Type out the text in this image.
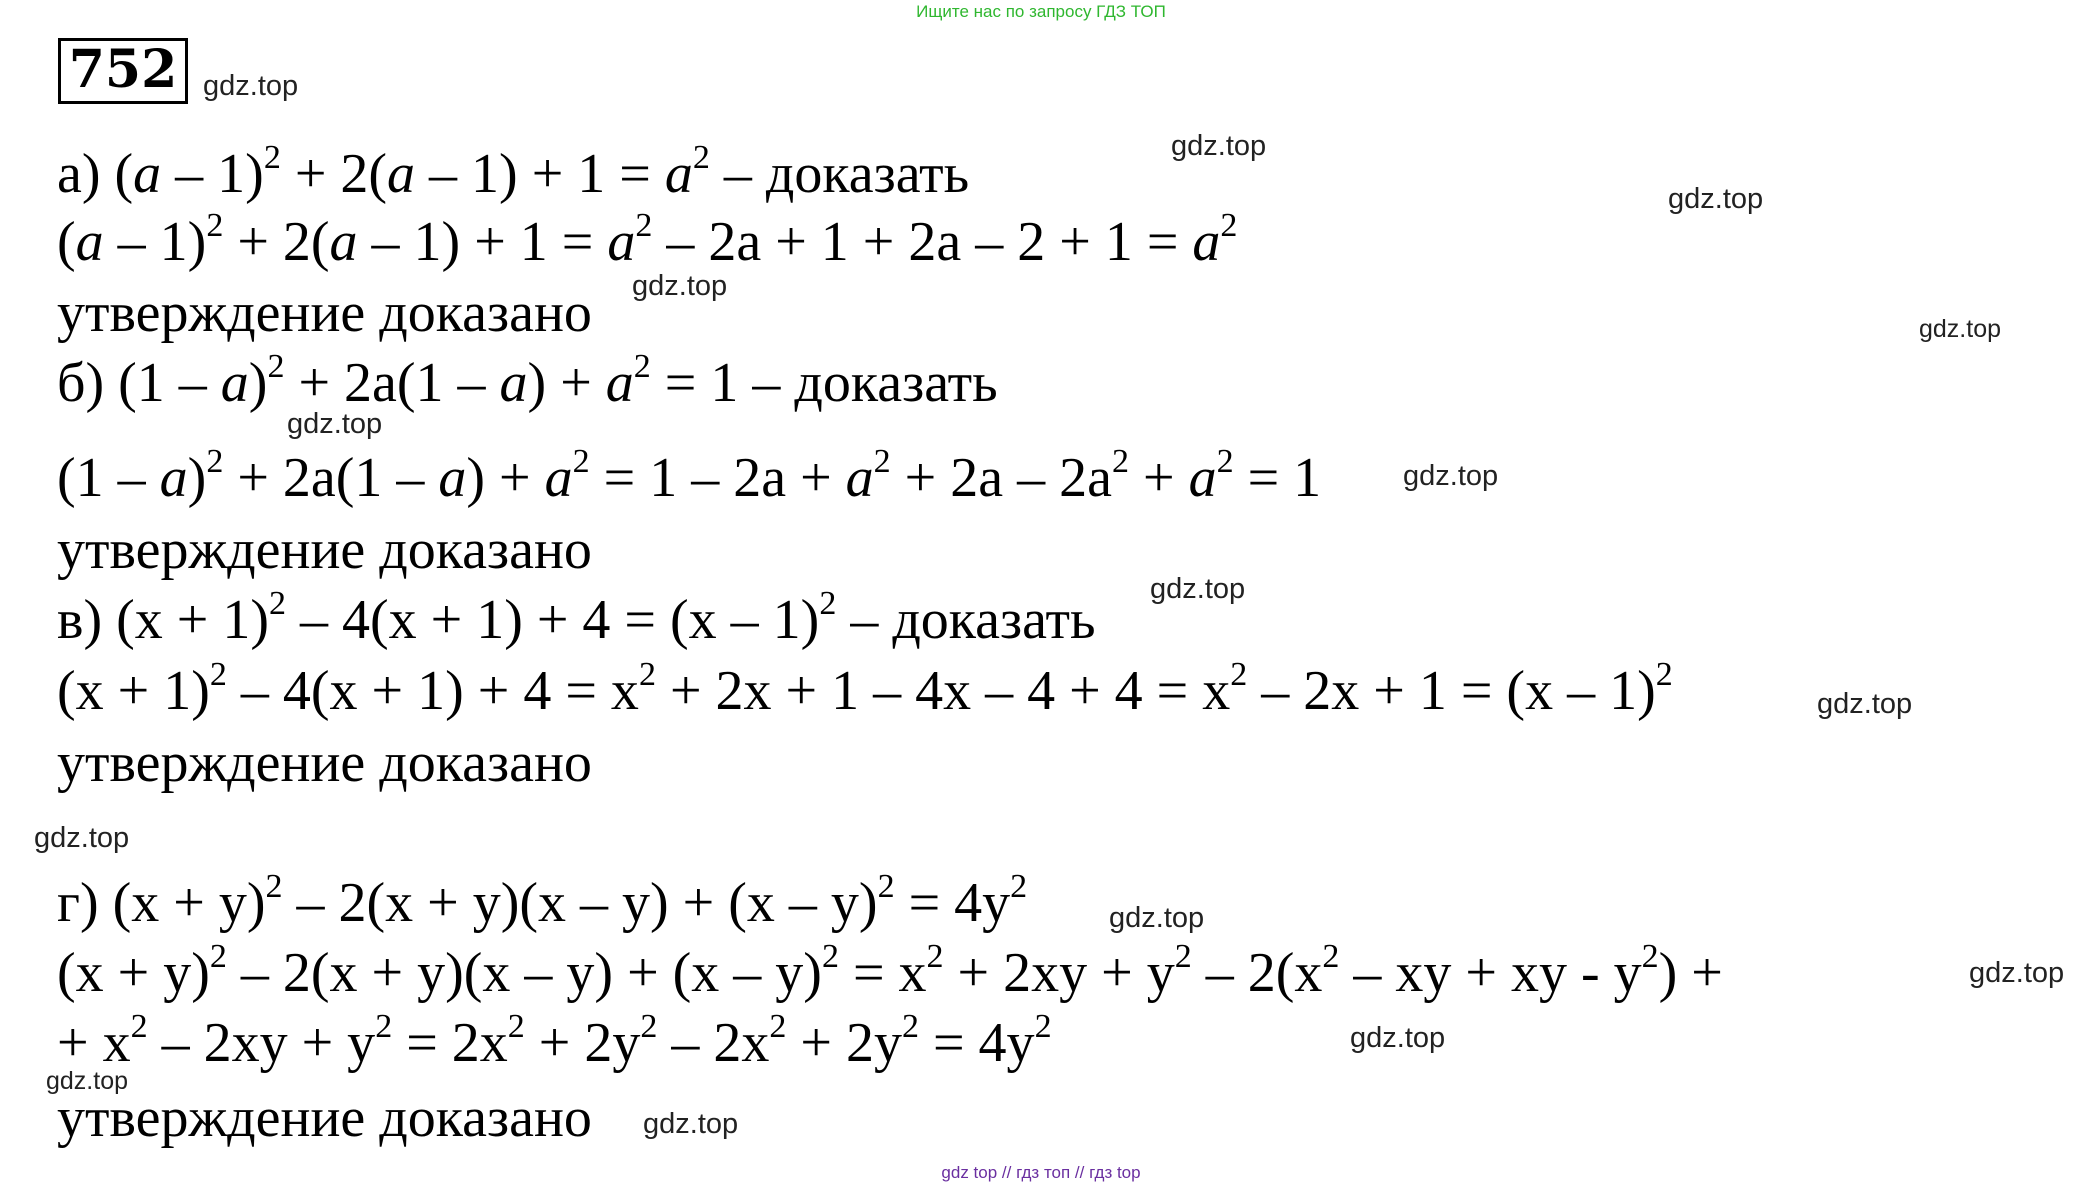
Ищите нас по запросу ГДЗ ТОП
752 gdz.top
gdz.top
gdz.top
gdz.top
gdz.top
gdz.top
gdz.top
gdz.top
gdz.top
gdz.top
gdz.top
gdz.top
gdz.top
gdz.top
gdz.top
а) $(a - 1)^2 + 2(a - 1) + 1 = a^2$ – доказать
$(a - 1)^2 + 2(a - 1) + 1 = a^2 - 2a + 1 + 2a - 2 + 1 = a^2$
утверждение доказано
б) $(1 - a)^2 + 2a(1 - a) + a^2 = 1$ – доказать
$(1 - a)^2 + 2a(1 - a) + a^2 = 1 - 2a + a^2 + 2a - 2a^2 + a^2 = 1$
утверждение доказано
в) $(x + 1)^2 - 4(x + 1) + 4 = (x - 1)^2$ – доказать
$(x + 1)^2 - 4(x + 1) + 4 = x^2 + 2x + 1 - 4x - 4 + 4 = x^2 - 2x + 1 = (x - 1)^2$
утверждение доказано
г) $(x + y)^2 - 2(x + y)(x - y) + (x - y)^2 = 4y^2$
$(x + y)^2 - 2(x + y)(x - y) + (x - y)^2 = x^2 + 2xy + y^2 - 2(x^2$ – xy + xy - $y^2$) +
+ $x^2 - 2xy + y^2 = 2x^2 + 2y^2 - 2x^2 + 2y^2 = 4y^2$
утверждение доказано
gdz top // гдз топ // гдз top
